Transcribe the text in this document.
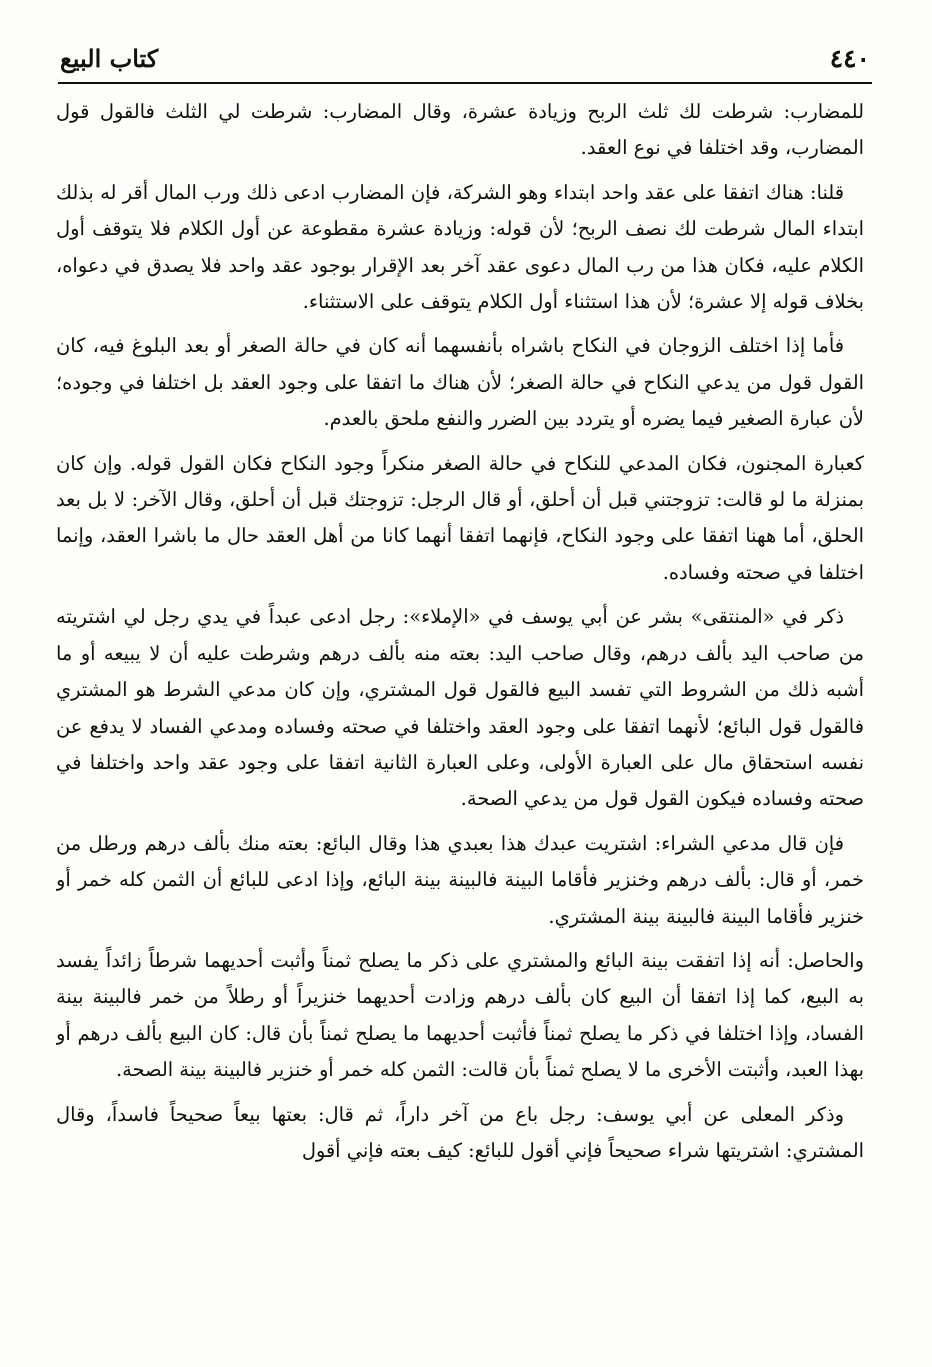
٤٤٠
كتاب البيع

للمضارب: شرطت لك ثلث الربح وزيادة عشرة، وقال المضارب: شرطت لي الثلث فالقول قول المضارب، وقد اختلفا في نوع العقد.

قلنا: هناك اتفقا على عقد واحد ابتداء وهو الشركة، فإن المضارب ادعى ذلك ورب المال أقر له بذلك ابتداء المال شرطت لك نصف الربح؛ لأن قوله: وزيادة عشرة مقطوعة عن أول الكلام فلا يتوقف أول الكلام عليه، فكان هذا من رب المال دعوى عقد آخر بعد الإقرار بوجود عقد واحد فلا يصدق في دعواه، بخلاف قوله إلا عشرة؛ لأن هذا استثناء أول الكلام يتوقف على الاستثناء.

فأما إذا اختلف الزوجان في النكاح باشراه بأنفسهما أنه كان في حالة الصغر أو بعد البلوغ فيه، كان القول قول من يدعي النكاح في حالة الصغر؛ لأن هناك ما اتفقا على وجود العقد بل اختلفا في وجوده؛ لأن عبارة الصغير فيما يضره أو يتردد بين الضرر والنفع ملحق بالعدم.

كعبارة المجنون، فكان المدعي للنكاح في حالة الصغر منكراً وجود النكاح فكان القول قوله. وإن كان بمنزلة ما لو قالت: تزوجتني قبل أن أحلق، أو قال الرجل: تزوجتك قبل أن أحلق، وقال الآخر: لا بل بعد الحلق، أما ههنا اتفقا على وجود النكاح، فإنهما اتفقا أنهما كانا من أهل العقد حال ما باشرا العقد، وإنما اختلفا في صحته وفساده.

ذكر في «المنتقى» بشر عن أبي يوسف في «الإملاء»: رجل ادعى عبداً في يدي رجل لي اشتريته من صاحب اليد بألف درهم، وقال صاحب اليد: بعته منه بألف درهم وشرطت عليه أن لا يبيعه أو ما أشبه ذلك من الشروط التي تفسد البيع فالقول قول المشتري، وإن كان مدعي الشرط هو المشتري فالقول قول البائع؛ لأنهما اتفقا على وجود العقد واختلفا في صحته وفساده ومدعي الفساد لا يدفع عن نفسه استحقاق مال على العبارة الأولى، وعلى العبارة الثانية اتفقا على وجود عقد واحد واختلفا في صحته وفساده فيكون القول قول من يدعي الصحة.

فإن قال مدعي الشراء: اشتريت عبدك هذا بعبدي هذا وقال البائع: بعته منك بألف درهم ورطل من خمر، أو قال: بألف درهم وخنزير فأقاما البينة فالبينة بينة البائع، وإذا ادعى للبائع أن الثمن كله خمر أو خنزير فأقاما البينة فالبينة بينة المشتري.

والحاصل: أنه إذا اتفقت بينة البائع والمشتري على ذكر ما يصلح ثمناً وأثبت أحديهما شرطاً زائداً يفسد به البيع، كما إذا اتفقا أن البيع كان بألف درهم وزادت أحديهما خنزيراً أو رطلاً من خمر فالبينة بينة الفساد، وإذا اختلفا في ذكر ما يصلح ثمناً فأثبت أحديهما ما يصلح ثمناً بأن قال: كان البيع بألف درهم أو بهذا العبد، وأثبتت الأخرى ما لا يصلح ثمناً بأن قالت: الثمن كله خمر أو خنزير فالبينة بينة الصحة.

وذكر المعلى عن أبي يوسف: رجل باع من آخر داراً، ثم قال: بعتها بيعاً صحيحاً فاسداً، وقال المشتري: اشتريتها شراء صحيحاً فإني أقول للبائع: كيف بعته فإني أقول
